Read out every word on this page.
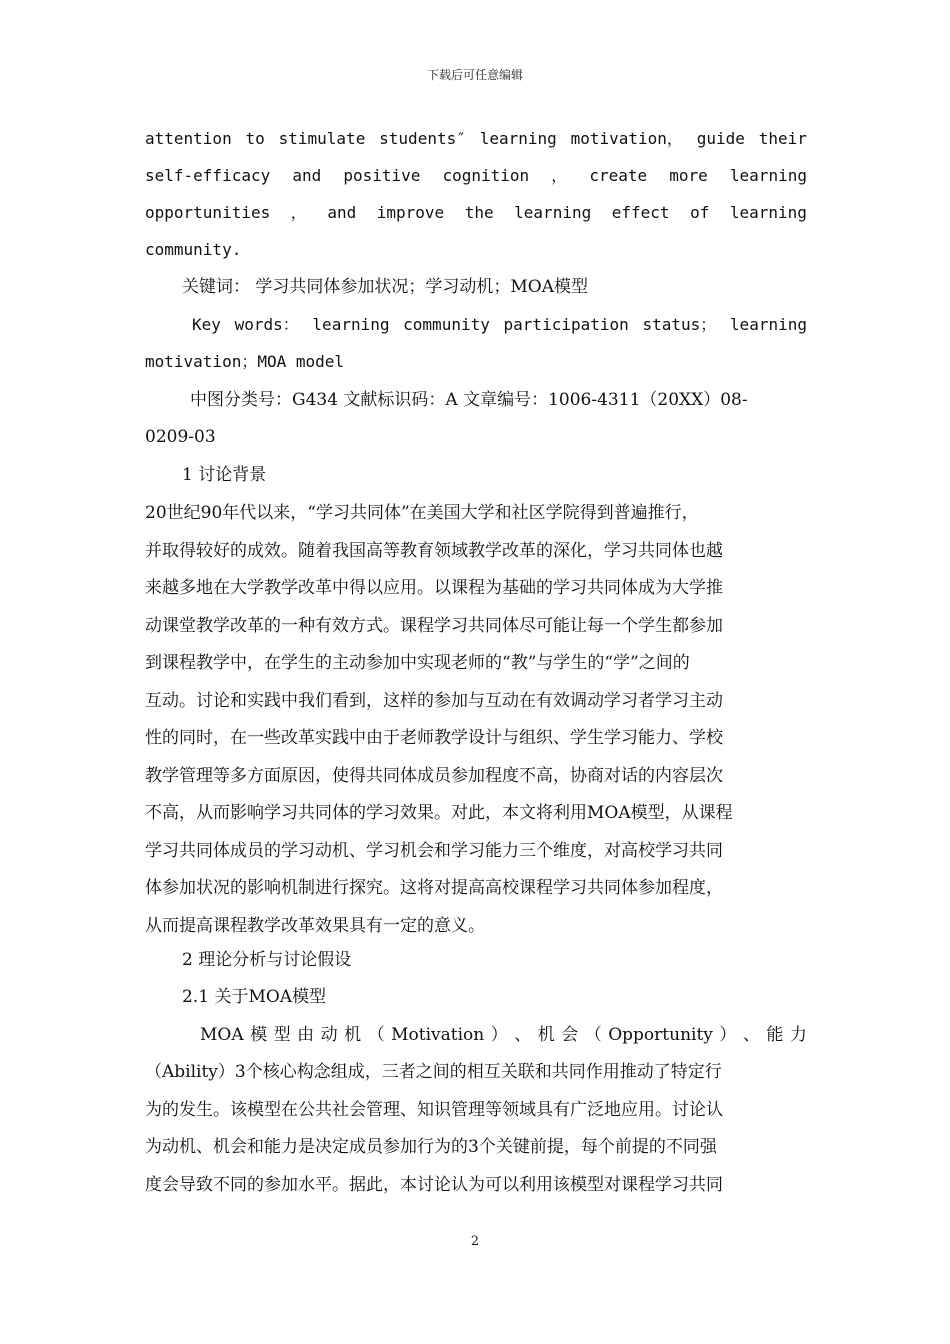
下载后可任意编辑
attention to stimulate students″ learning motivation， guide their
self-efficacy and positive cognition ， create more learning
opportunities ， and improve the learning effect of learning
community.
关键词： 学习共同体参加状况；学习动机；MOA模型
Key words： learning community participation status； learning
motivation；MOA model
中图分类号：G434 文献标识码：A 文章编号：1006-4311（20XX）08-
0209-03
1 讨论背景
20世纪90年代以来，“学习共同体”在美国大学和社区学院得到普遍推行，
并取得较好的成效。随着我国高等教育领域教学改革的深化，学习共同体也越
来越多地在大学教学改革中得以应用。以课程为基础的学习共同体成为大学推
动课堂教学改革的一种有效方式。课程学习共同体尽可能让每一个学生都参加
到课程教学中，在学生的主动参加中实现老师的“教”与学生的“学”之间的
互动。讨论和实践中我们看到，这样的参加与互动在有效调动学习者学习主动
性的同时，在一些改革实践中由于老师教学设计与组织、学生学习能力、学校
教学管理等多方面原因，使得共同体成员参加程度不高，协商对话的内容层次
不高，从而影响学习共同体的学习效果。对此，本文将利用MOA模型，从课程
学习共同体成员的学习动机、学习机会和学习能力三个维度，对高校学习共同
体参加状况的影响机制进行探究。这将对提高高校课程学习共同体参加程度，
从而提高课程教学改革效果具有一定的意义。
2 理论分析与讨论假设
2.1 关于MOA模型
MOA 模 型 由 动 机 （ Motivation ） 、 机 会 （ Opportunity ） 、 能 力
（Ability）3个核心构念组成，三者之间的相互关联和共同作用推动了特定行
为的发生。该模型在公共社会管理、知识管理等领域具有广泛地应用。讨论认
为动机、机会和能力是决定成员参加行为的3个关键前提，每个前提的不同强
度会导致不同的参加水平。据此，本讨论认为可以利用该模型对课程学习共同
2
